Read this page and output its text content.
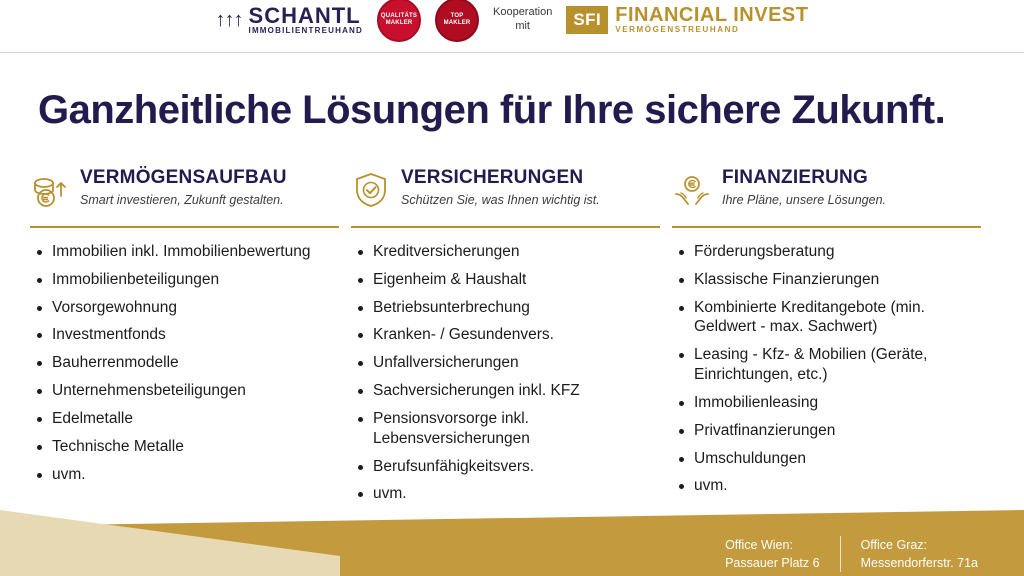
↑↑↑ SCHANTL
IMMOBILIENTREUHAND
QUALITÄTS
MAKLER
TOP
MAKLER
Kooperation
mit	SFI FINANCIAL INVEST
VERMÖGENSTREUHAND
Ganzheitliche Lösungen für Ihre sichere Zukunft.
VERMÖGENSAUFBAU
Smart investieren, Zukunft gestalten.
Immobilien inkl. Immobilienbewertung
Immobilienbeteiligungen
Vorsorgewohnung
Investmentfonds
Bauherrenmodelle
Unternehmensbeteiligungen
Edelmetalle
Technische Metalle
uvm.
VERSICHERUNGEN
Schützen Sie, was Ihnen wichtig ist.
Kreditversicherungen
Eigenheim & Haushalt
Betriebsunterbrechung
Kranken- / Gesundenvers.
Unfallversicherungen
Sachversicherungen inkl. KFZ
Pensionsvorsorge inkl. Lebensversicherungen
Berufsunfähigkeitsvers.
uvm.
FINANZIERUNG
Ihre Pläne, unsere Lösungen.
Förderungsberatung
Klassische Finanzierungen
Kombinierte Kreditangebote (min. Geldwert - max. Sachwert)
Leasing - Kfz- & Mobilien (Geräte, Einrichtungen, etc.)
Immobilienleasing
Privatfinanzierungen
Umschuldungen
uvm.
Office Wien:
Passauer Platz 6
Office Graz:
Messendorferstr. 71a
